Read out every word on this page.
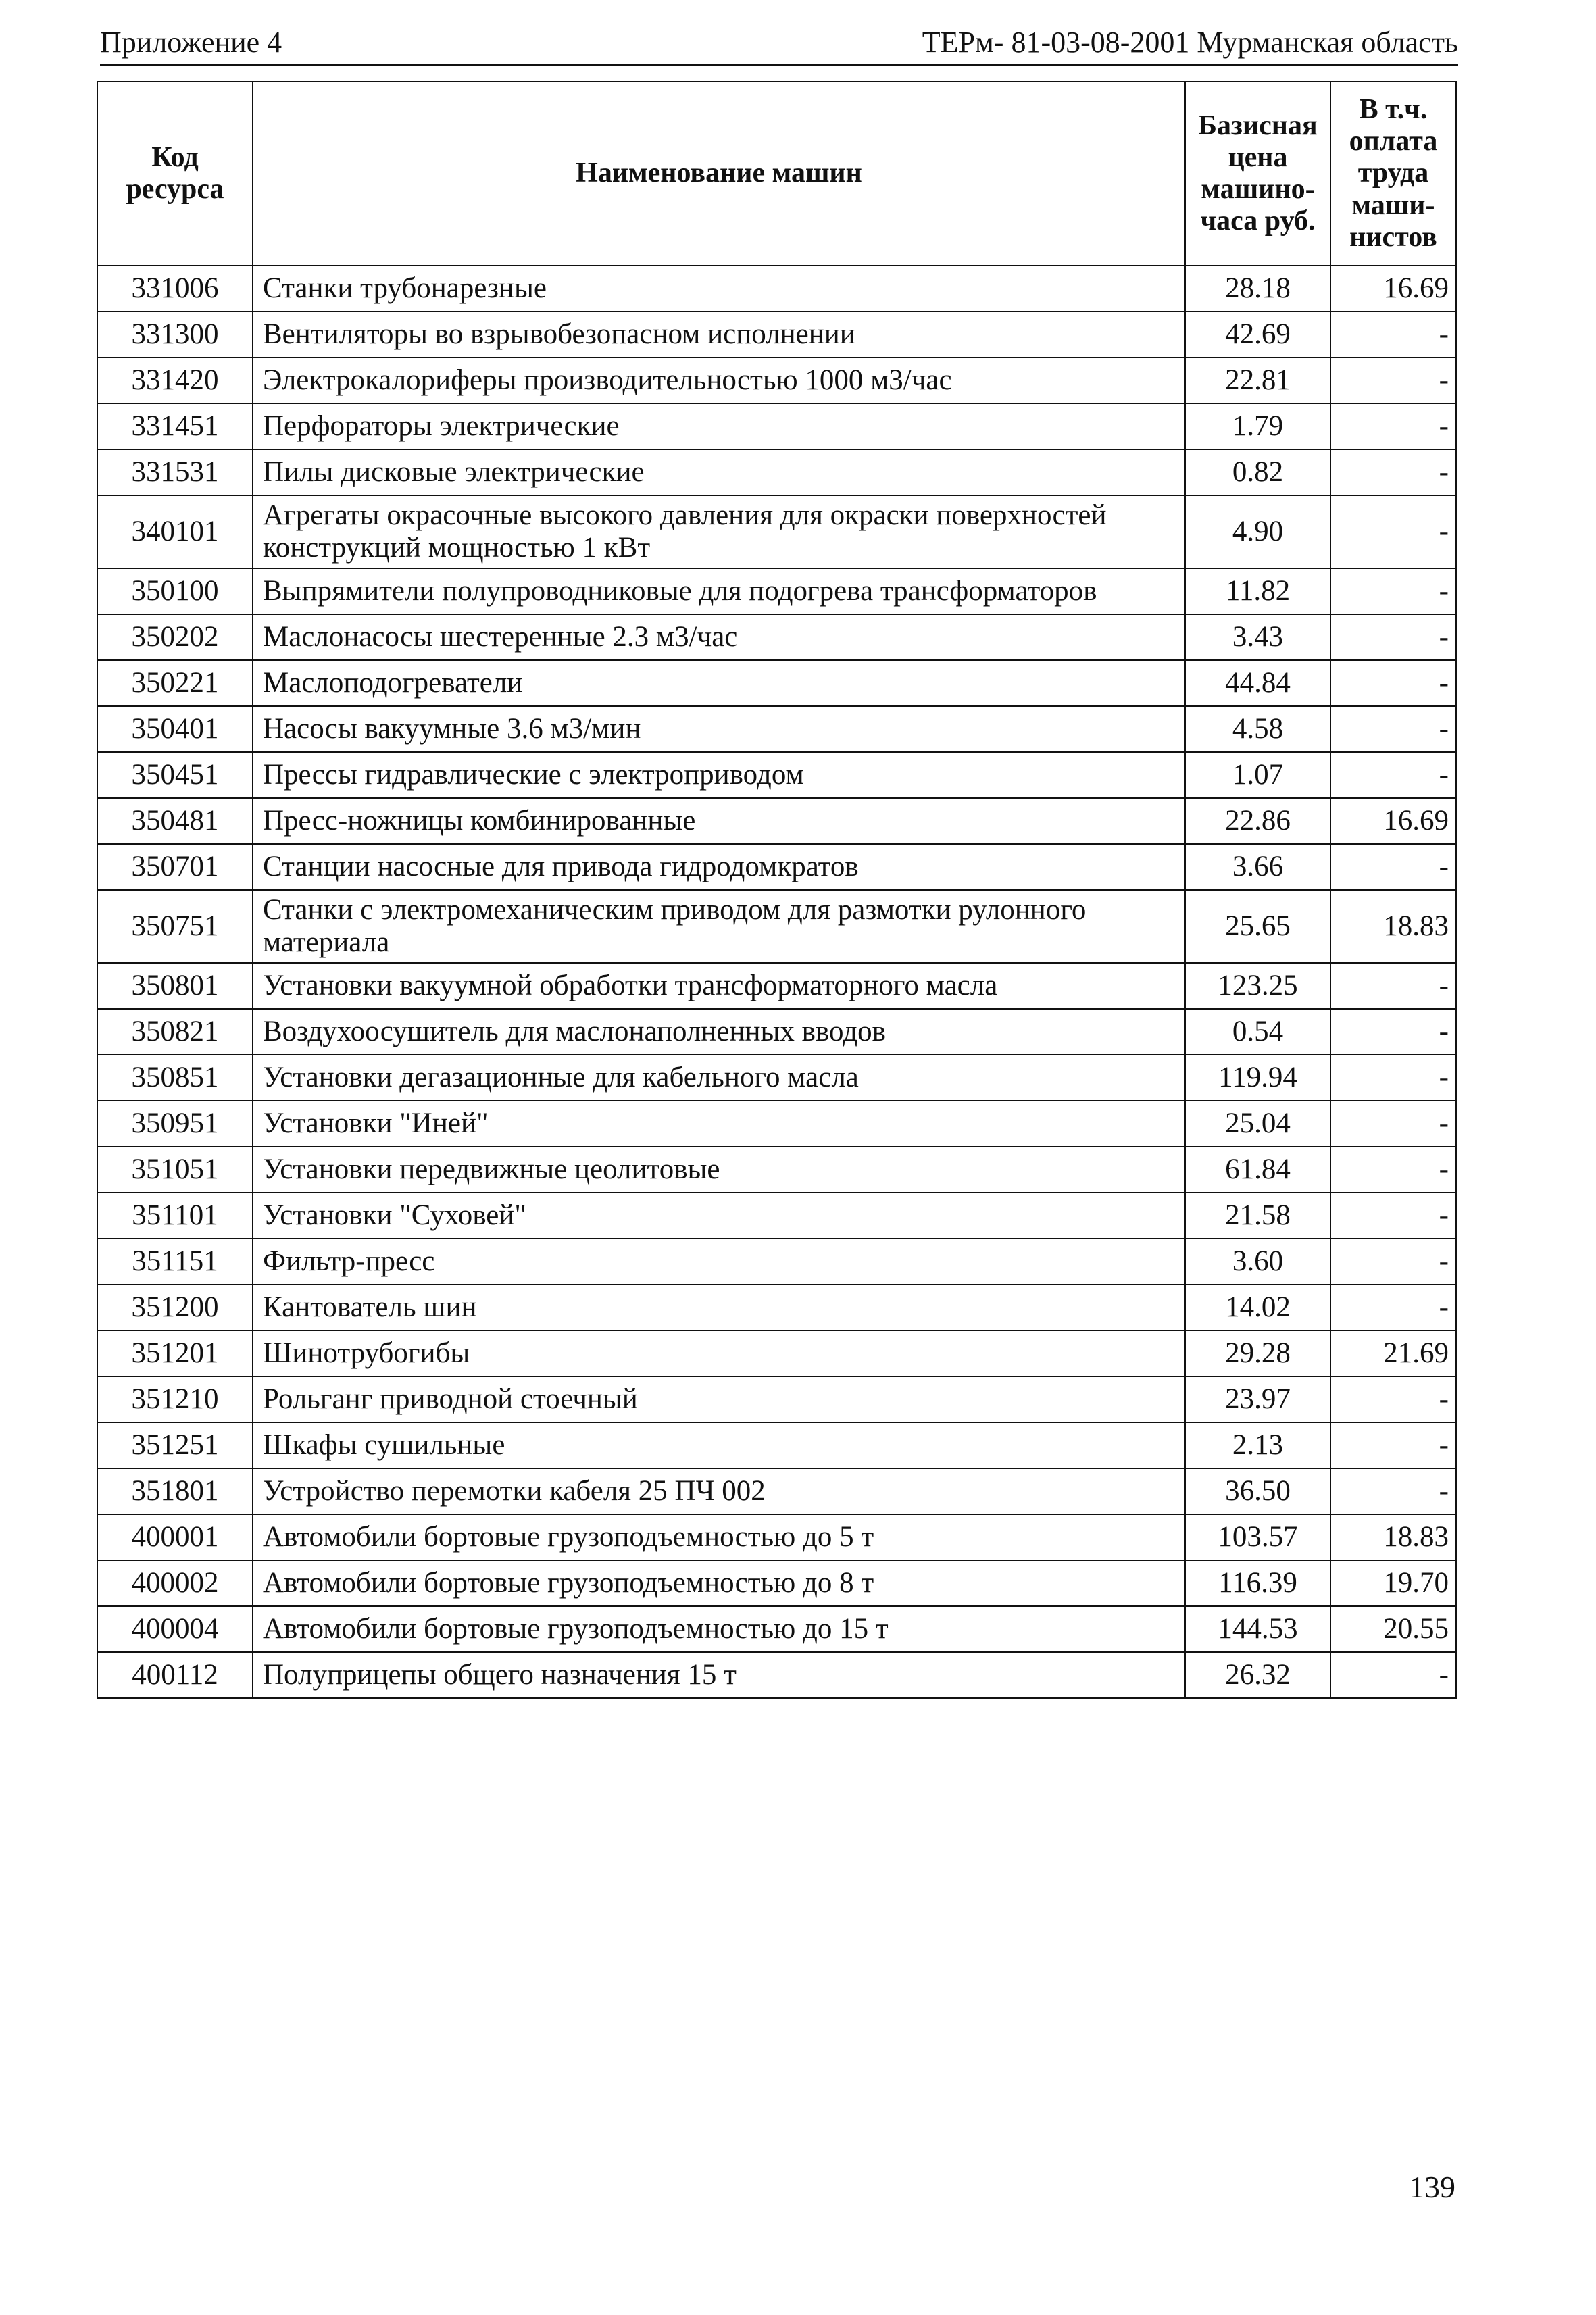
Приложение 4	ТЕРм- 81-03-08-2001 Мурманская область
Код ресурса	Наименование машин	Базисная цена машино-часа руб.	В т.ч. оплата труда маши-нистов
331006	Станки трубонарезные	28.18	16.69
331300	Вентиляторы во взрывобезопасном исполнении	42.69	-
331420	Электрокалориферы производительностью 1000 м3/час	22.81	-
331451	Перфораторы электрические	1.79	-
331531	Пилы дисковые электрические	0.82	-
340101	Агрегаты окрасочные высокого давления для окраски поверхностей конструкций мощностью 1 кВт	4.90	-
350100	Выпрямители полупроводниковые для подогрева трансформаторов	11.82	-
350202	Маслонасосы шестеренные 2.3 м3/час	3.43	-
350221	Маслоподогреватели	44.84	-
350401	Насосы вакуумные 3.6 м3/мин	4.58	-
350451	Прессы гидравлические с электроприводом	1.07	-
350481	Пресс-ножницы комбинированные	22.86	16.69
350701	Станции насосные для привода гидродомкратов	3.66	-
350751	Станки с электромеханическим приводом для размотки рулонного материала	25.65	18.83
350801	Установки вакуумной обработки трансформаторного масла	123.25	-
350821	Воздухоосушитель для маслонаполненных вводов	0.54	-
350851	Установки дегазационные для кабельного масла	119.94	-
350951	Установки "Иней"	25.04	-
351051	Установки передвижные цеолитовые	61.84	-
351101	Установки "Суховей"	21.58	-
351151	Фильтр-пресс	3.60	-
351200	Кантователь шин	14.02	-
351201	Шинотрубогибы	29.28	21.69
351210	Рольганг приводной стоечный	23.97	-
351251	Шкафы сушильные	2.13	-
351801	Устройство перемотки кабеля 25 ПЧ 002	36.50	-
400001	Автомобили бортовые грузоподъемностью до 5 т	103.57	18.83
400002	Автомобили бортовые грузоподъемностью до 8 т	116.39	19.70
400004	Автомобили бортовые грузоподъемностью до 15 т	144.53	20.55
400112	Полуприцепы общего назначения 15 т	26.32	-
139
